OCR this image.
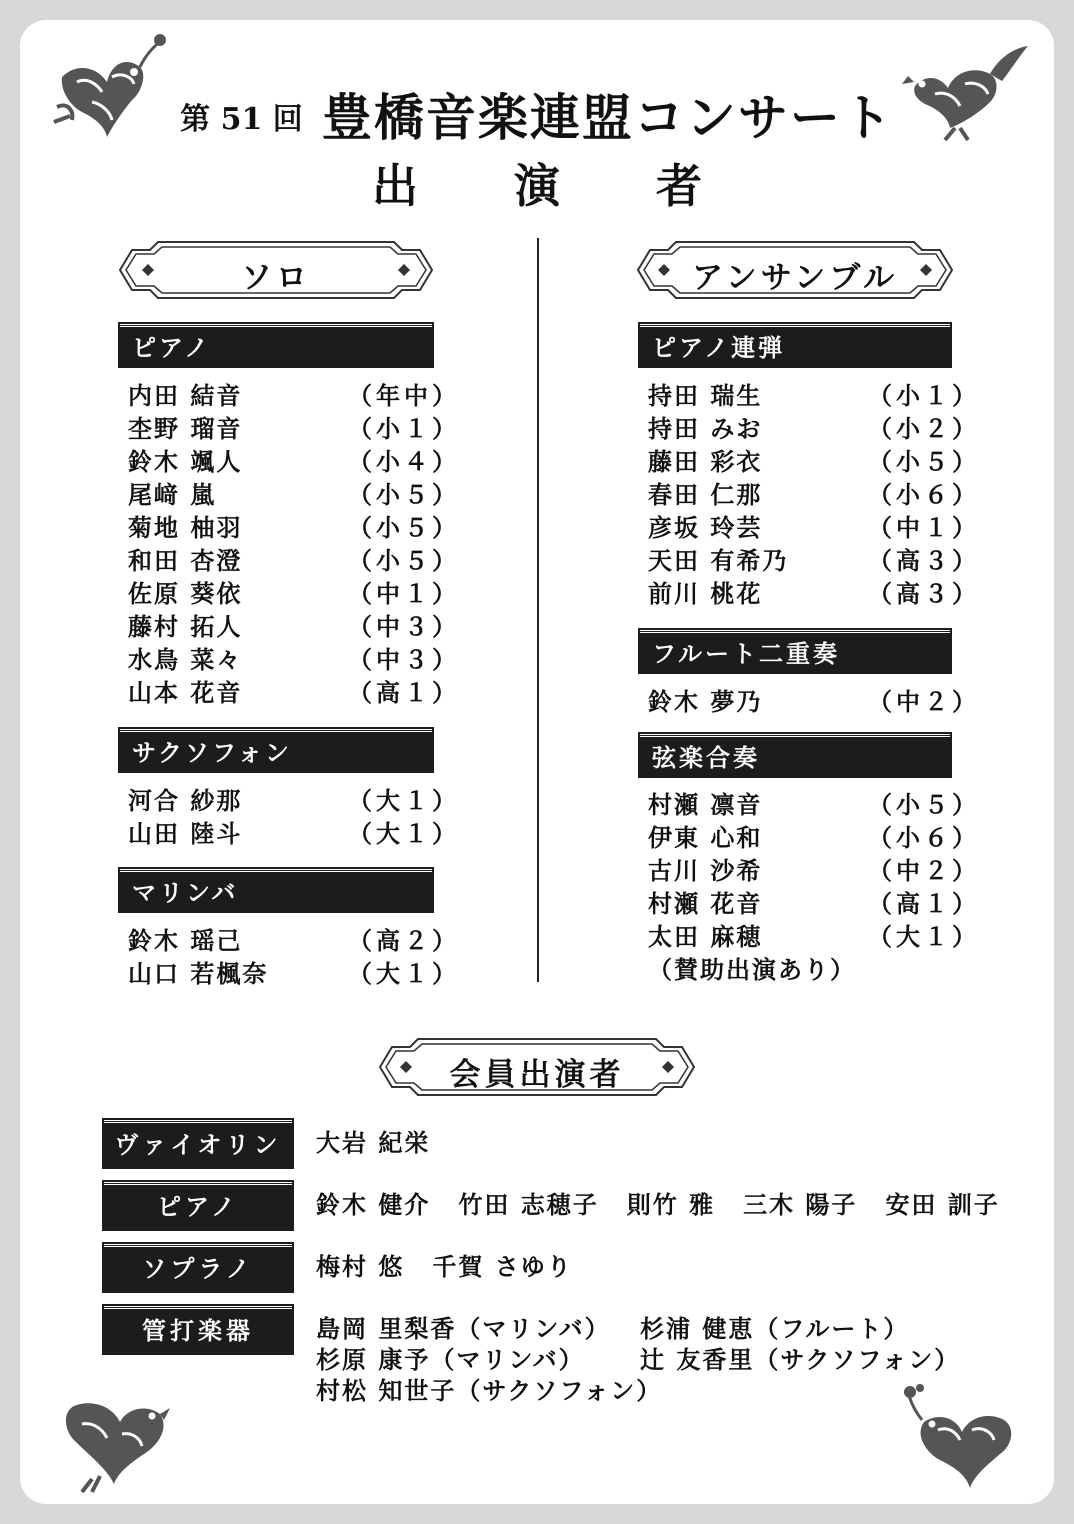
第 51 回 豊橋音楽連盟コンサート
出 演 者
ソロ	アンサンブル
会員出演者
ピアノ
内田 結音	（年中）
杢野 瑠音	（小１）
鈴木 颯人	（小４）
尾﨑 嵐	（小５）
菊地 柚羽	（小５）
和田 杏澄	（小５）
佐原 葵依	（中１）
藤村 拓人	（中３）
水鳥 菜々	（中３）
山本 花音	（高１）
サクソフォン
河合 紗那	（大１）
山田 陸斗	（大１）
マリンバ
鈴木 瑶己	（高２）
山口 若楓奈	（大１）
ピアノ連弾
持田 瑞生	（小１）
持田 みお	（小２）
藤田 彩衣	（小５）
春田 仁那	（小６）
彦坂 玲芸	（中１）
天田 有希乃	（高３）
前川 桃花	（高３）
フルート二重奏
鈴木 夢乃	（中２）
弦楽合奏
村瀬 凛音	（小５）
伊東 心和	（小６）
古川 沙希	（中２）
村瀬 花音	（高１）
太田 麻穂	（大１）
（賛助出演あり）
ヴァイオリン	大岩 紀栄
ピアノ	鈴木 健介 竹田 志穂子 則竹 雅 三木 陽子 安田 訓子
ソプラノ	梅村 悠 千賀 さゆり
管打楽器	島岡 里梨香（マリンバ） 杉浦 健恵（フルート）
杉原 康予（マリンバ） 辻 友香里（サクソフォン）
村松 知世子（サクソフォン）
